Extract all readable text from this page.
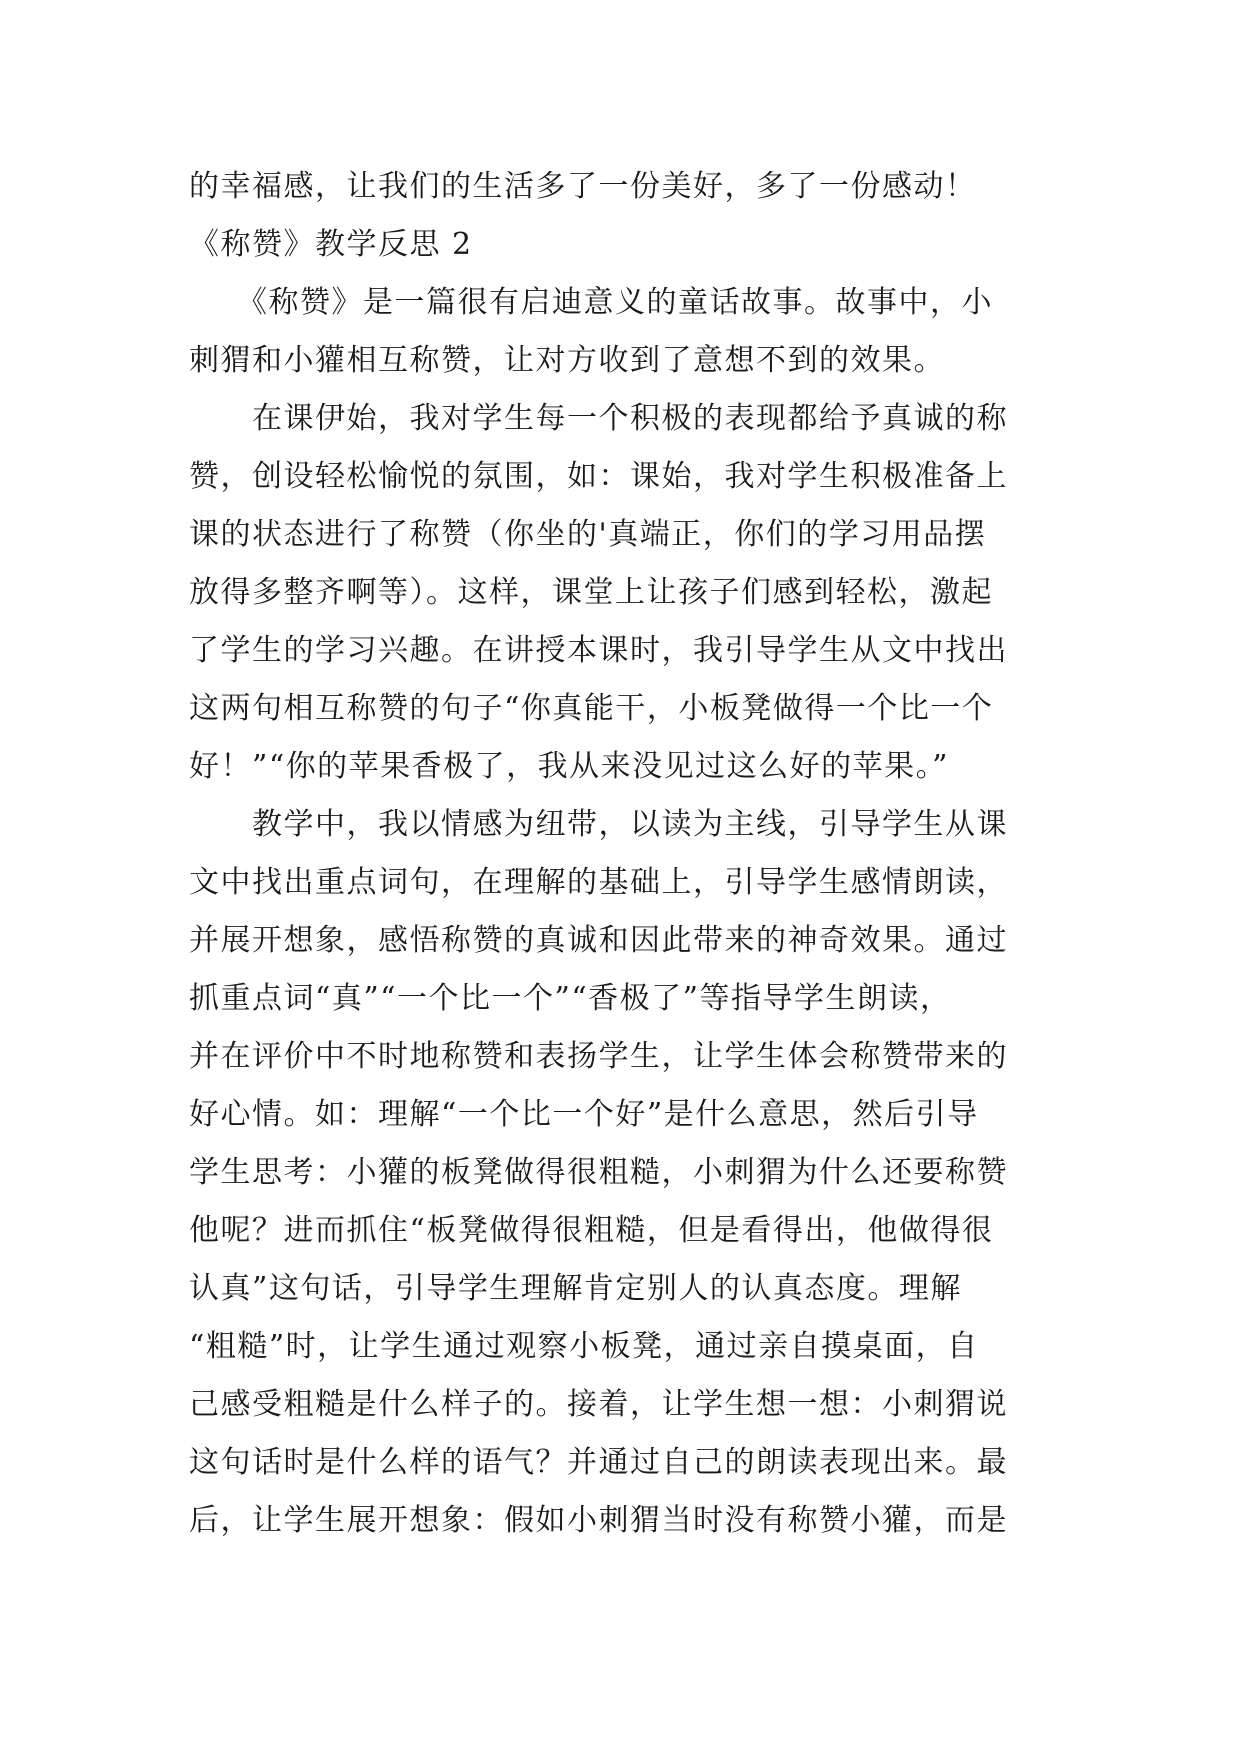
的幸福感，让我们的生活多了一份美好，多了一份感动！
《称赞》教学反思 2
　　《称赞》是一篇很有启迪意义的童话故事。故事中，小
刺猬和小獾相互称赞，让对方收到了意想不到的效果。
　　在课伊始，我对学生每一个积极的表现都给予真诚的称
赞，创设轻松愉悦的氛围，如：课始，我对学生积极准备上
课的状态进行了称赞（你坐的'真端正，你们的学习用品摆
放得多整齐啊等）。这样，课堂上让孩子们感到轻松，激起
了学生的学习兴趣。在讲授本课时，我引导学生从文中找出
这两句相互称赞的句子“你真能干，小板凳做得一个比一个
好！”“你的苹果香极了，我从来没见过这么好的苹果。”
　　教学中，我以情感为纽带，以读为主线，引导学生从课
文中找出重点词句，在理解的基础上，引导学生感情朗读，
并展开想象，感悟称赞的真诚和因此带来的神奇效果。通过
抓重点词“真”“一个比一个”“香极了”等指导学生朗读，
并在评价中不时地称赞和表扬学生，让学生体会称赞带来的
好心情。如：理解“一个比一个好”是什么意思，然后引导
学生思考：小獾的板凳做得很粗糙，小刺猬为什么还要称赞
他呢？进而抓住“板凳做得很粗糙，但是看得出，他做得很
认真”这句话，引导学生理解肯定别人的认真态度。理解
“粗糙”时，让学生通过观察小板凳，通过亲自摸桌面，自
己感受粗糙是什么样子的。接着，让学生想一想：小刺猬说
这句话时是什么样的语气？并通过自己的朗读表现出来。最
后，让学生展开想象：假如小刺猬当时没有称赞小獾，而是
